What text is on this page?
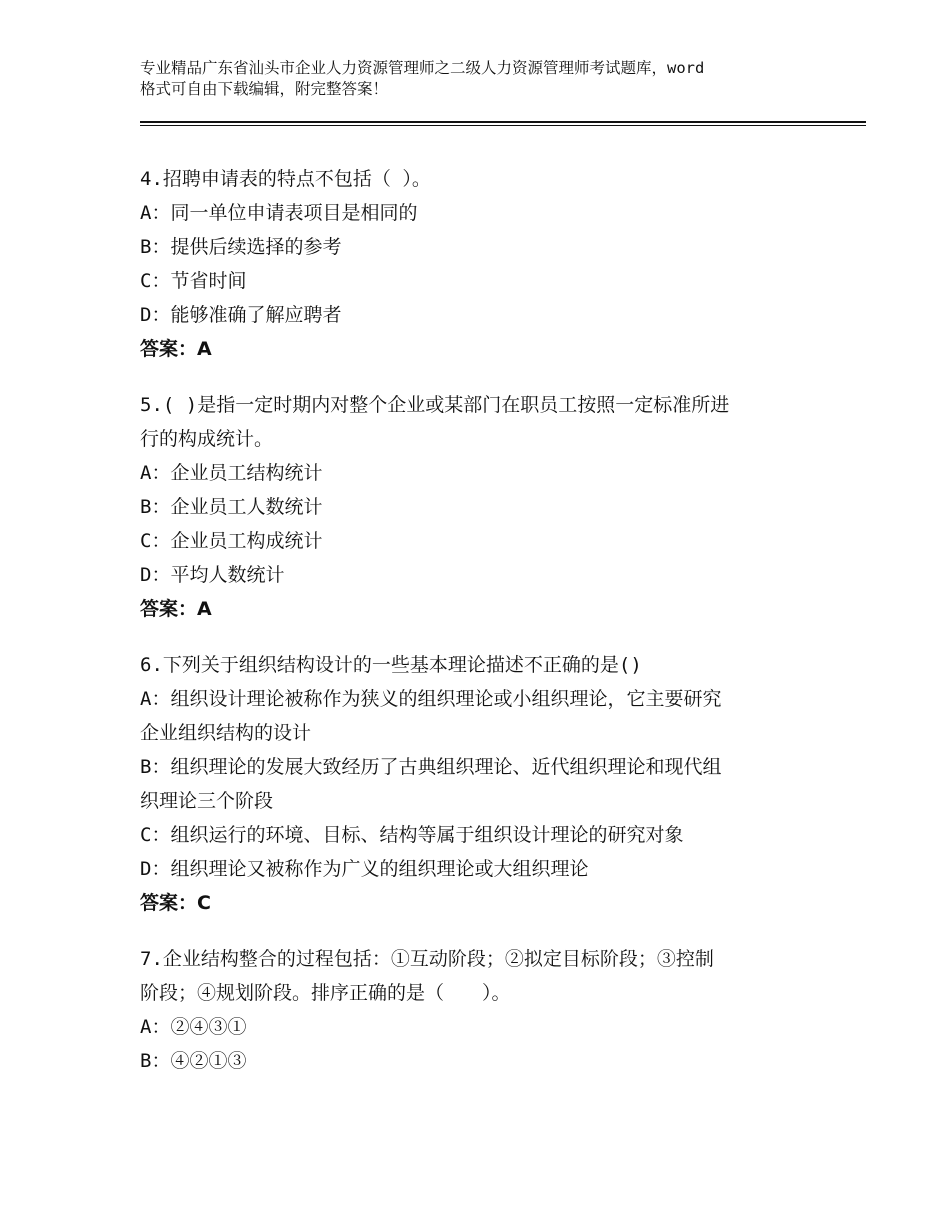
专业精品广东省汕头市企业人力资源管理师之二级人力资源管理师考试题库，word
格式可自由下载编辑，附完整答案！
4.招聘申请表的特点不包括（ ）。
A：同一单位申请表项目是相同的
B：提供后续选择的参考
C：节省时间
D：能够准确了解应聘者
答案：A
5.( )是指一定时期内对整个企业或某部门在职员工按照一定标准所进
行的构成统计。
A：企业员工结构统计
B：企业员工人数统计
C：企业员工构成统计
D：平均人数统计
答案：A
6.下列关于组织结构设计的一些基本理论描述不正确的是()
A：组织设计理论被称作为狭义的组织理论或小组织理论，它主要研究
企业组织结构的设计
B：组织理论的发展大致经历了古典组织理论、近代组织理论和现代组
织理论三个阶段
C：组织运行的环境、目标、结构等属于组织设计理论的研究对象
D：组织理论又被称作为广义的组织理论或大组织理论
答案：C
7.企业结构整合的过程包括：①互动阶段；②拟定目标阶段；③控制
阶段；④规划阶段。排序正确的是（　　）。
A：②④③①
B：④②①③
